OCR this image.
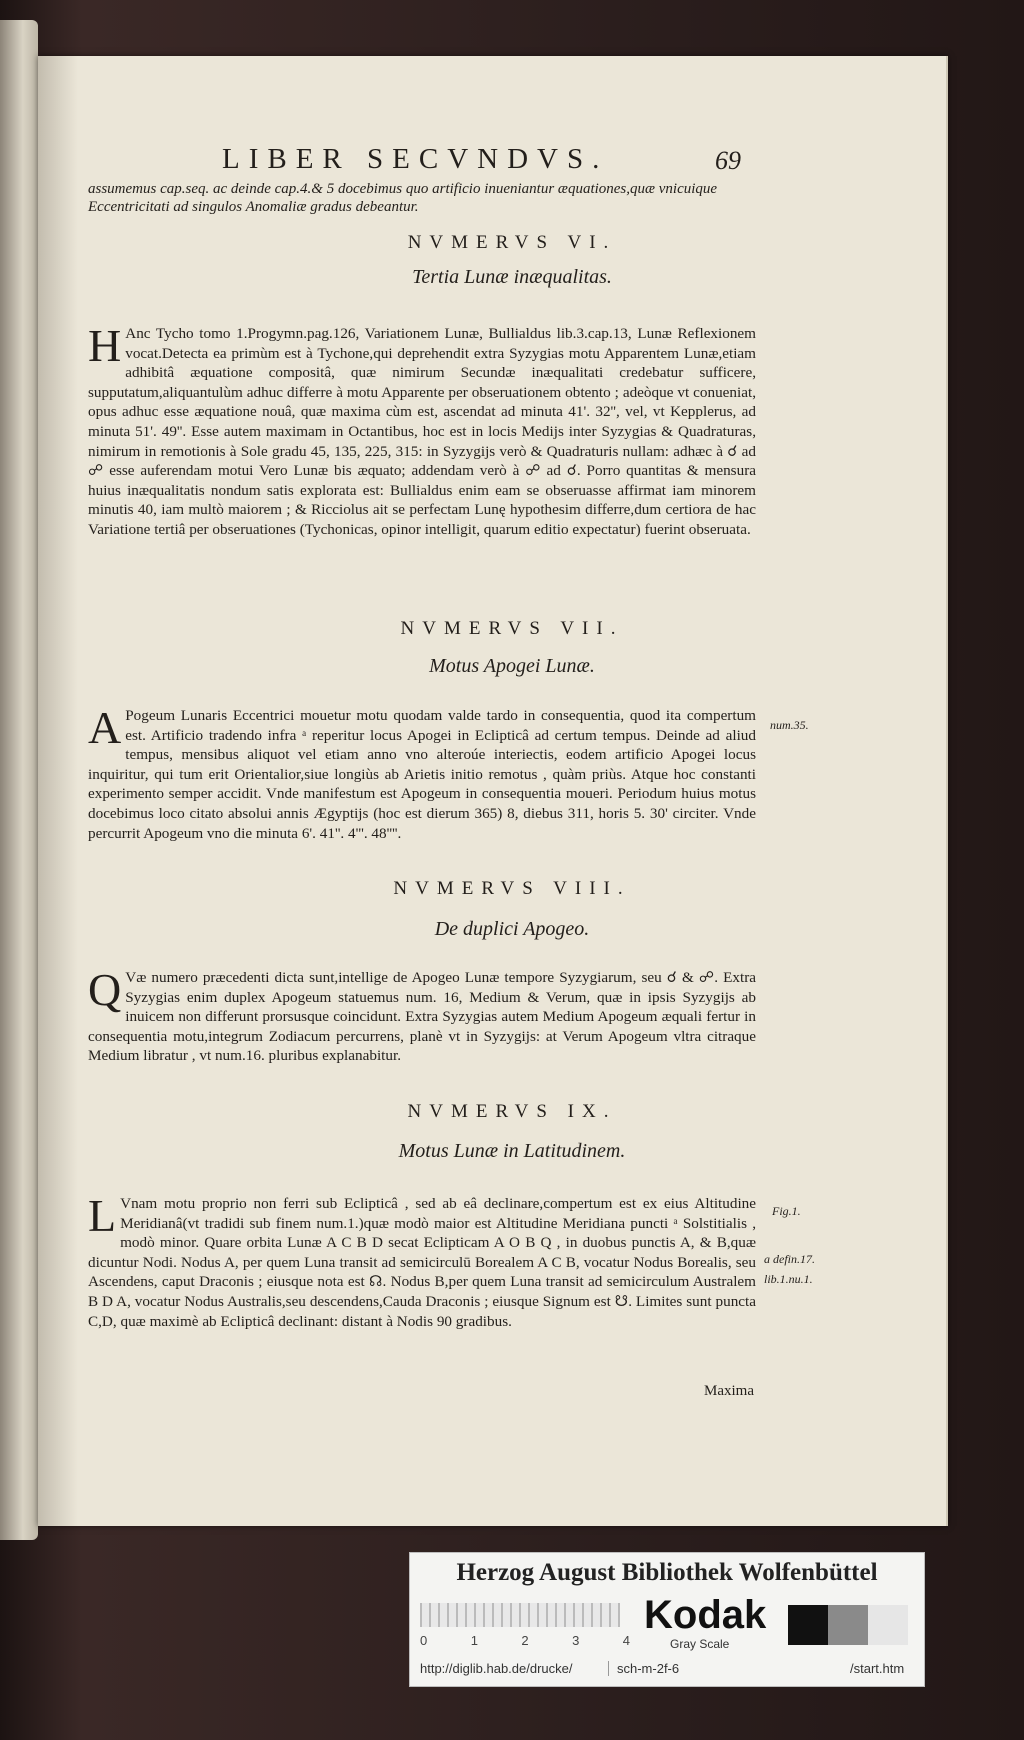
LIBER SECVNDVS.	69
assumemus cap.seq. ac deinde cap.4.& 5 docebimus quo artificio inueniantur æquationes,quæ vnicuique Eccentricitati ad singulos Anomaliæ gradus debeantur.
NVMERVS VI.
Tertia Lunæ inæqualitas.
H Anc Tycho tomo 1.Progymn.pag.126, Variationem Lunæ, Bullialdus lib.3.cap.13, Lunæ Reflexionem vocat.Detecta ea primùm est à Tychone,qui deprehendit extra Syzygias motu Apparentem Lunæ,etiam adhibitâ æquatione compositâ, quæ nimirum Secundæ inæqualitati credebatur sufficere, supputatum,aliquantulùm adhuc differre à motu Apparente per obseruationem obtento ; adeòque vt conueniat, opus adhuc esse æquatione nouâ, quæ maxima cùm est, ascendat ad minuta 41'. 32'', vel, vt Kepplerus, ad minuta 51'. 49''. Esse autem maximam in Octantibus, hoc est in locis Medijs inter Syzygias & Quadraturas, nimirum in remotionis à Sole gradu 45, 135, 225, 315: in Syzygijs verò & Quadraturis nullam: adhæc à ☌ ad ☍ esse auferendam motui Vero Lunæ bis æquato; addendam verò à ☍ ad ☌. Porro quantitas & mensura huius inæqualitatis nondum satis explorata est: Bullialdus enim eam se obseruasse affirmat iam minorem minutis 40, iam multò maiorem ; & Ricciolus ait se perfectam Lunę hypothesim differre,dum certiora de hac Variatione tertiâ per obseruationes (Tychonicas, opinor intelligit, quarum editio expectatur) fuerint obseruata.
NVMERVS VII.
Motus Apogei Lunæ.
A Pogeum Lunaris Eccentrici mouetur motu quodam valde tardo in consequentia, quod ita compertum est. Artificio tradendo infra ᵃ reperitur locus Apogei in Eclipticâ ad certum tempus. Deinde ad aliud tempus, mensibus aliquot vel etiam anno vno alteroúe interiectis, eodem artificio Apogei locus inquiritur, qui tum erit Orientalior,siue longiùs ab Arietis initio remotus , quàm priùs. Atque hoc constanti experimento semper accidit. Vnde manifestum est Apogeum in consequentia moueri. Periodum huius motus docebimus loco citato absolui annis Ægyptijs (hoc est dierum 365) 8, diebus 311, horis 5. 30' circiter. Vnde percurrit Apogeum vno die minuta 6'. 41''. 4'''. 48''''.
num.35.
NVMERVS VIII.
De duplici Apogeo.
Q Væ numero præcedenti dicta sunt,intellige de Apogeo Lunæ tempore Syzygiarum, seu ☌ & ☍. Extra Syzygias enim duplex Apogeum statuemus num. 16, Medium & Verum, quæ in ipsis Syzygijs ab inuicem non differunt prorsusque coincidunt. Extra Syzygias autem Medium Apogeum æquali fertur in consequentia motu,integrum Zodiacum percurrens, planè vt in Syzygijs: at Verum Apogeum vltra citraque Medium libratur , vt num.16. pluribus explanabitur.
NVMERVS IX.
Motus Lunæ in Latitudinem.
L Vnam motu proprio non ferri sub Eclipticâ , sed ab eâ declinare,compertum est ex eius Altitudine Meridianâ(vt tradidi sub finem num.1.)quæ modò maior est Altitudine Meridiana puncti ᵃ Solstitialis , modò minor. Quare orbita Lunæ A C B D secat Eclipticam A O B Q , in duobus punctis A, & B,quæ dicuntur Nodi. Nodus A, per quem Luna transit ad semicirculū Borealem A C B, vocatur Nodus Borealis, seu Ascendens, caput Draconis ; eiusque nota est ☊. Nodus B,per quem Luna transit ad semicirculum Australem B D A, vocatur Nodus Australis,seu descendens,Cauda Draconis ; eiusque Signum est ☋. Limites sunt puncta C,D, quæ maximè ab Eclipticâ declinant: distant à Nodis 90 gradibus.
Fig.1.
a defin.17.
lib.1.nu.1.
Maxima
Herzog August Bibliothek Wolfenbüttel
0	1	2	3	4
Kodak
Gray Scale
http://diglib.hab.de/drucke/	sch-m-2f-6	/start.htm
